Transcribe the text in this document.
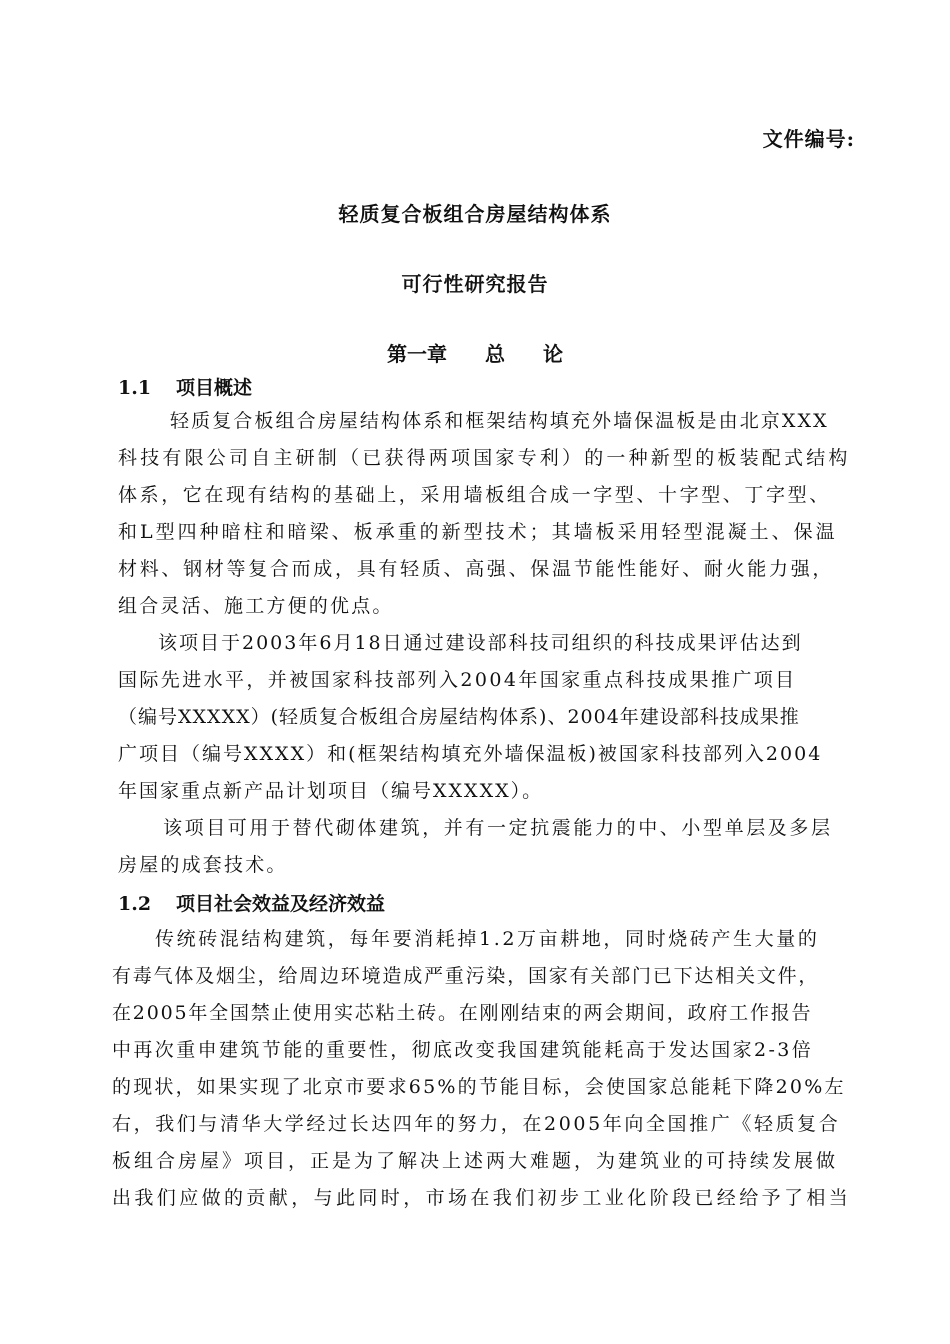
文件编号:
轻质复合板组合房屋结构体系
可行性研究报告
第一章 总 论
1.1 项目概述
轻质复合板组合房屋结构体系和框架结构填充外墙保温板是由北京XXX
科技有限公司自主研制（已获得两项国家专利）的一种新型的板装配式结构
体系，它在现有结构的基础上，采用墙板组合成一字型、十字型、丁字型、
和L型四种暗柱和暗梁、板承重的新型技术；其墙板采用轻型混凝土、保温
材料、钢材等复合而成，具有轻质、高强、保温节能性能好、耐火能力强，
组合灵活、施工方便的优点。
该项目于2003年6月18日通过建设部科技司组织的科技成果评估达到
国际先进水平，并被国家科技部列入2004年国家重点科技成果推广项目
（编号XXXXX）(轻质复合板组合房屋结构体系)、2004年建设部科技成果推
广项目（编号XXXX）和(框架结构填充外墙保温板)被国家科技部列入2004
年国家重点新产品计划项目（编号XXXXX）。
该项目可用于替代砌体建筑，并有一定抗震能力的中、小型单层及多层
房屋的成套技术。
1.2 项目社会效益及经济效益
传统砖混结构建筑，每年要消耗掉1.2万亩耕地，同时烧砖产生大量的
有毒气体及烟尘，给周边环境造成严重污染，国家有关部门已下达相关文件，
在2005年全国禁止使用实芯粘土砖。在刚刚结束的两会期间，政府工作报告
中再次重申建筑节能的重要性，彻底改变我国建筑能耗高于发达国家2-3倍
的现状，如果实现了北京市要求65%的节能目标，会使国家总能耗下降20%左
右，我们与清华大学经过长达四年的努力，在2005年向全国推广《轻质复合
板组合房屋》项目，正是为了解决上述两大难题，为建筑业的可持续发展做
出我们应做的贡献，与此同时，市场在我们初步工业化阶段已经给予了相当
